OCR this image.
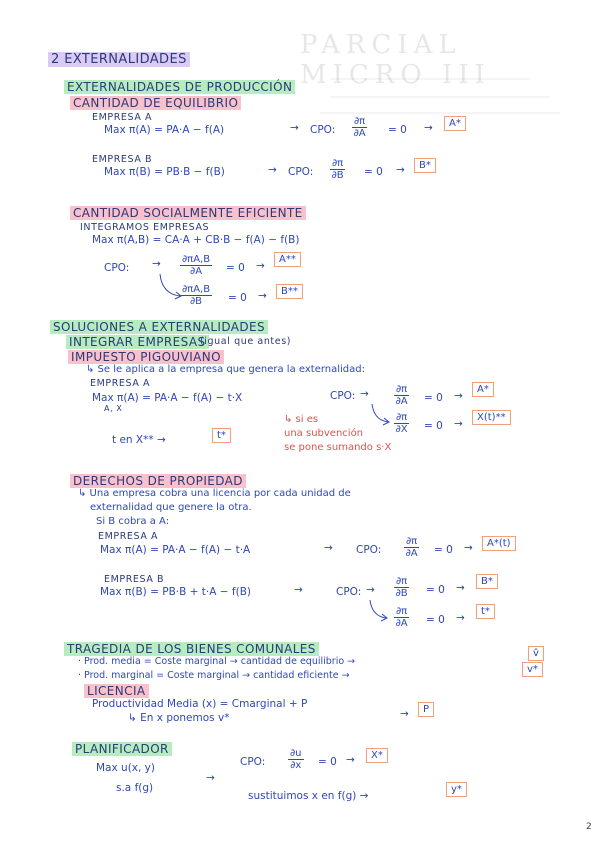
PARCIAL MICRO III
2 EXTERNALIDADES
EXTERNALIDADES DE PRODUCCIÓN
CANTIDAD DE EQUILIBRIO
EMPRESA A
Max π(A) = PA·A − f(A)	→ CPO: $\frac{\partial\pi}{\partial A} = 0$ →	A*
EMPRESA B
Max π(B) = PB·B − f(B)	→ CPO: $\frac{\partial\pi}{\partial B} = 0$ →	B*
CANTIDAD SOCIALMENTE EFICIENTE
INTEGRAMOS EMPRESAS
Max π(A,B) = CA·A + CB·B − f(A) − f(B)
CPO: → $\frac{\partial\pi A,B}{\partial A} = 0$ →
A**
$\frac{\partial\pi A,B}{\partial B} = 0$ →	B**
SOLUCIONES A EXTERNALIDADES
INTEGRAR EMPRESAS
(igual que antes)
IMPUESTO PIGOUVIANO
↳ Se le aplica a la empresa que genera la externalidad:
EMPRESA A
Max π(A) = PA·A − f(A) − t·X
A, X
CPO: →	$\frac{\partial\pi}{\partial A} = 0$ →
A*
$\frac{\partial\pi}{\partial X} = 0$ →
X(t)**
↳ si es
una subvención
se pone sumando s·X
t en X** →	t*
DERECHOS DE PROPIEDAD
↳ Una empresa cobra una licencia por cada unidad de
externalidad que genere la otra.
Si B cobra a A:
EMPRESA A
Max π(A) = PA·A − f(A) − t·A	→ CPO: $\frac{\partial\pi}{\partial A} = 0$ →	A*(t)
EMPRESA B
Max π(B) = PB·B + t·A − f(B)	→	CPO: → $\frac{\partial\pi}{\partial B} = 0$ →
B*
$\frac{\partial\pi}{\partial A} = 0$ →
t*
TRAGEDIA DE LOS BIENES COMUNALES
· Prod. media = Coste marginal → cantidad de equilibrio →
v̂
· Prod. marginal = Coste marginal → cantidad eficiente →
v*
LICENCIA
Productividad Media (x) = Cmarginal + P
↳ En x ponemos v*	→	P
PLANIFICADOR
Max u(x, y)
→
s.a f(g)
CPO: $\frac{\partial u}{\partial x} = 0$ →	X*
sustituimos x en f(g) →
y*
2
